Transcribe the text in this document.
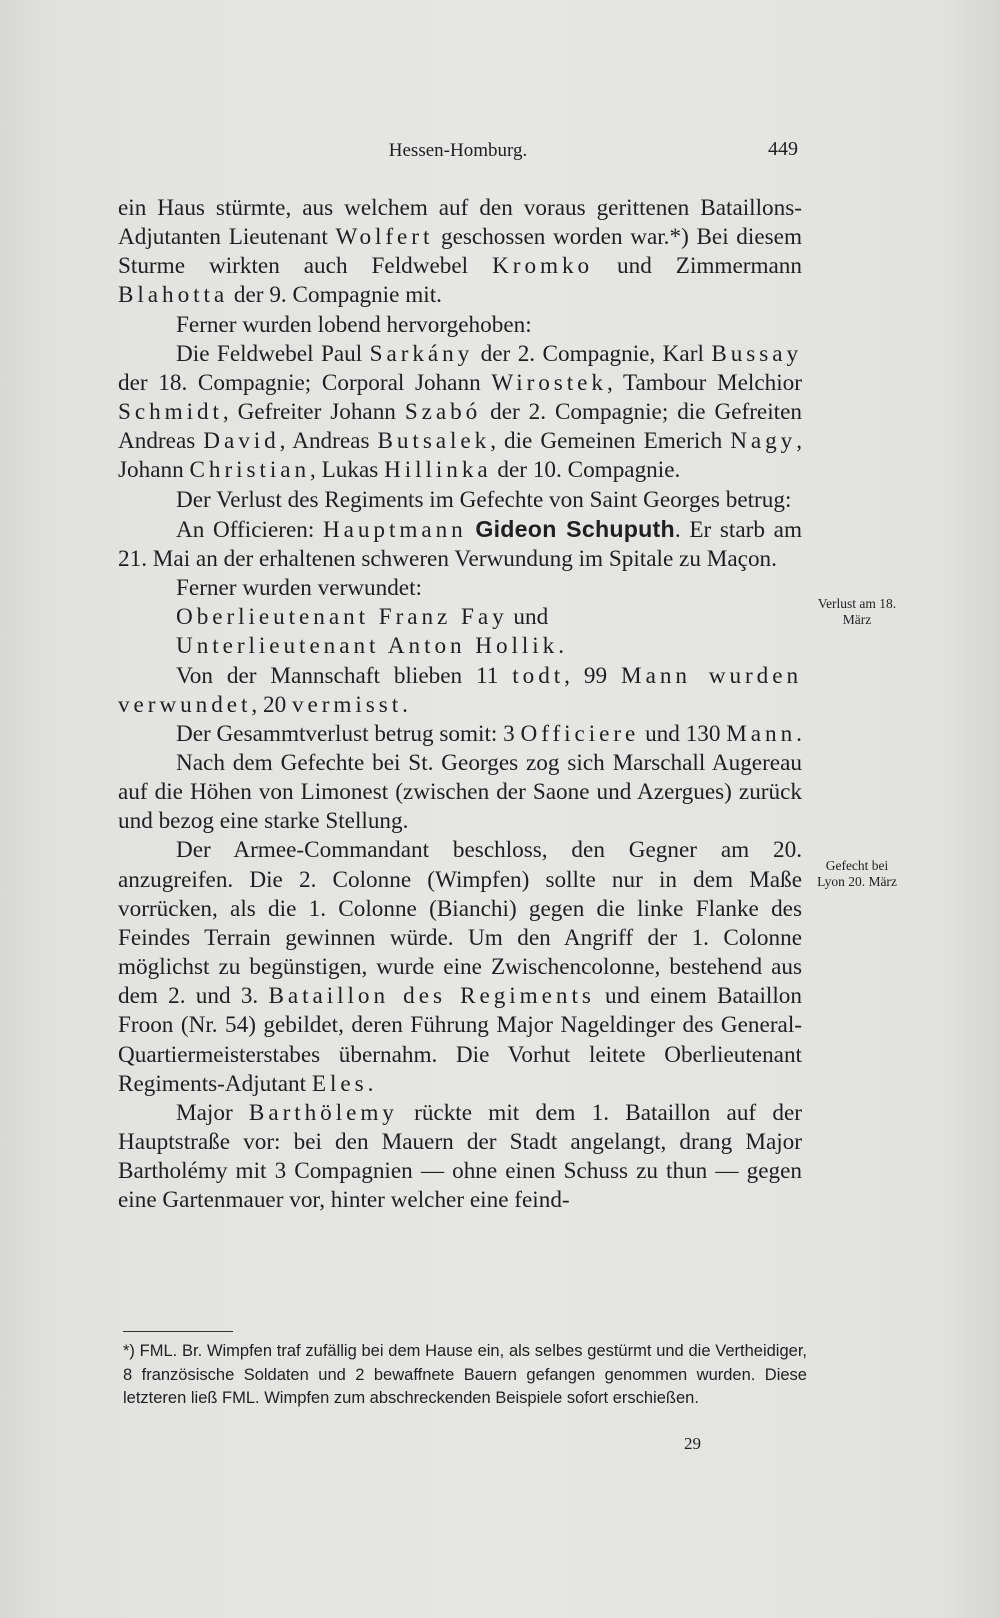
Hessen-Homburg.	449

ein Haus stürmte, aus welchem auf den voraus gerittenen Bataillons-Adjutanten Lieutenant Wolfert geschossen worden war.*) Bei diesem Sturme wirkten auch Feldwebel Kromko und Zimmermann Blahotta der 9. Compagnie mit.

Ferner wurden lobend hervorgehoben:

Die Feldwebel Paul Sarkány der 2. Compagnie, Karl Bussay der 18. Compagnie; Corporal Johann Wirostek, Tambour Melchior Schmidt, Gefreiter Johann Szabó der 2. Compagnie; die Gefreiten Andreas David, Andreas Butsalek, die Gemeinen Emerich Nagy, Johann Christian, Lukas Hillinka der 10. Compagnie.

Der Verlust des Regiments im Gefechte von Saint Georges betrug:

An Officieren: Hauptmann Gideon Schuputh. Er starb am 21. Mai an der erhaltenen schweren Verwundung im Spitale zu Maçon.

Ferner wurden verwundet:

Oberlieutenant Franz Fay und

Unterlieutenant Anton Hollik.

Von der Mannschaft blieben 11 todt, 99 Mann wurden verwundet, 20 vermisst.

Der Gesammtverlust betrug somit: 3 Officiere und 130 Mann.

Nach dem Gefechte bei St. Georges zog sich Marschall Augereau auf die Höhen von Limonest (zwischen der Saone und Azergues) zurück und bezog eine starke Stellung.

Der Armee-Commandant beschloss, den Gegner am 20. anzugreifen. Die 2. Colonne (Wimpfen) sollte nur in dem Maße vorrücken, als die 1. Colonne (Bianchi) gegen die linke Flanke des Feindes Terrain gewinnen würde. Um den Angriff der 1. Colonne möglichst zu begünstigen, wurde eine Zwischencolonne, bestehend aus dem 2. und 3. Bataillon des Regiments und einem Bataillon Froon (Nr. 54) gebildet, deren Führung Major Nageldinger des General-Quartiermeisterstabes übernahm. Die Vorhut leitete Oberlieutenant Regiments-Adjutant Eles.

Major Barthölemy rückte mit dem 1. Bataillon auf der Hauptstraße vor: bei den Mauern der Stadt angelangt, drang Major Bartholémy mit 3 Compagnien — ohne einen Schuss zu thun — gegen eine Gartenmauer vor, hinter welcher eine feind-

Verlust am 18. März
Gefecht bei Lyon 20. März

*) FML. Br. Wimpfen traf zufällig bei dem Hause ein, als selbes gestürmt und die Vertheidiger, 8 französische Soldaten und 2 bewaffnete Bauern gefangen genommen wurden. Diese letzteren ließ FML. Wimpfen zum abschreckenden Beispiele sofort erschießen.

29
